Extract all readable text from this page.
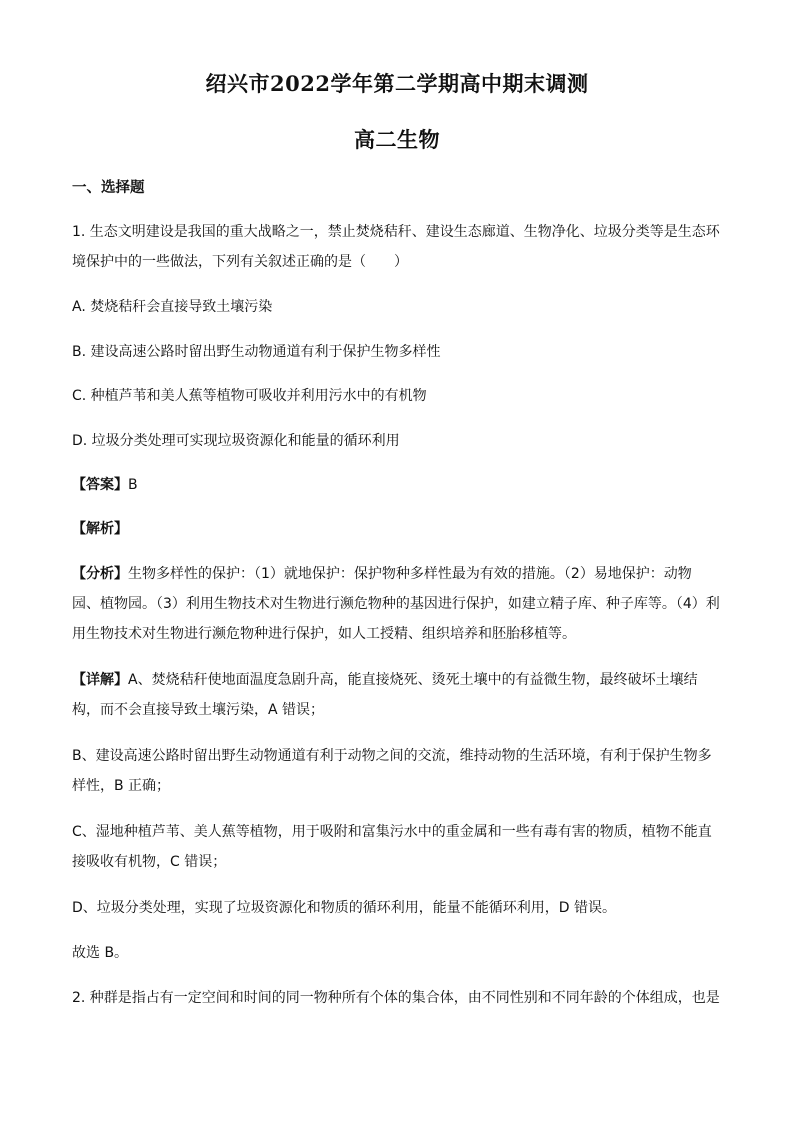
绍兴市2022学年第二学期高中期末调测
高二生物
一、选择题
1. 生态文明建设是我国的重大战略之一，禁止焚烧秸秆、建设生态廊道、生物净化、垃圾分类等是生态环
境保护中的一些做法，下列有关叙述正确的是（　　）
A. 焚烧秸秆会直接导致土壤污染
B. 建设高速公路时留出野生动物通道有利于保护生物多样性
C. 种植芦苇和美人蕉等植物可吸收并利用污水中的有机物
D. 垃圾分类处理可实现垃圾资源化和能量的循环利用
【答案】B
【解析】
【分析】生物多样性的保护：（1）就地保护：保护物种多样性最为有效的措施。（2）易地保护：动物
园、植物园。（3）利用生物技术对生物进行濒危物种的基因进行保护，如建立精子库、种子库等。（4）利
用生物技术对生物进行濒危物种进行保护，如人工授精、组织培养和胚胎移植等。
【详解】A、焚烧秸秆使地面温度急剧升高，能直接烧死、烫死土壤中的有益微生物，最终破坏土壤结
构，而不会直接导致土壤污染，A 错误；
B、建设高速公路时留出野生动物通道有利于动物之间的交流，维持动物的生活环境，有利于保护生物多
样性，B 正确；
C、湿地种植芦苇、美人蕉等植物，用于吸附和富集污水中的重金属和一些有毒有害的物质，植物不能直
接吸收有机物，C 错误；
D、垃圾分类处理，实现了垃圾资源化和物质的循环利用，能量不能循环利用，D 错误。
故选 B。
2. 种群是指占有一定空间和时间的同一物种所有个体的集合体，由不同性别和不同年龄的个体组成，也是
